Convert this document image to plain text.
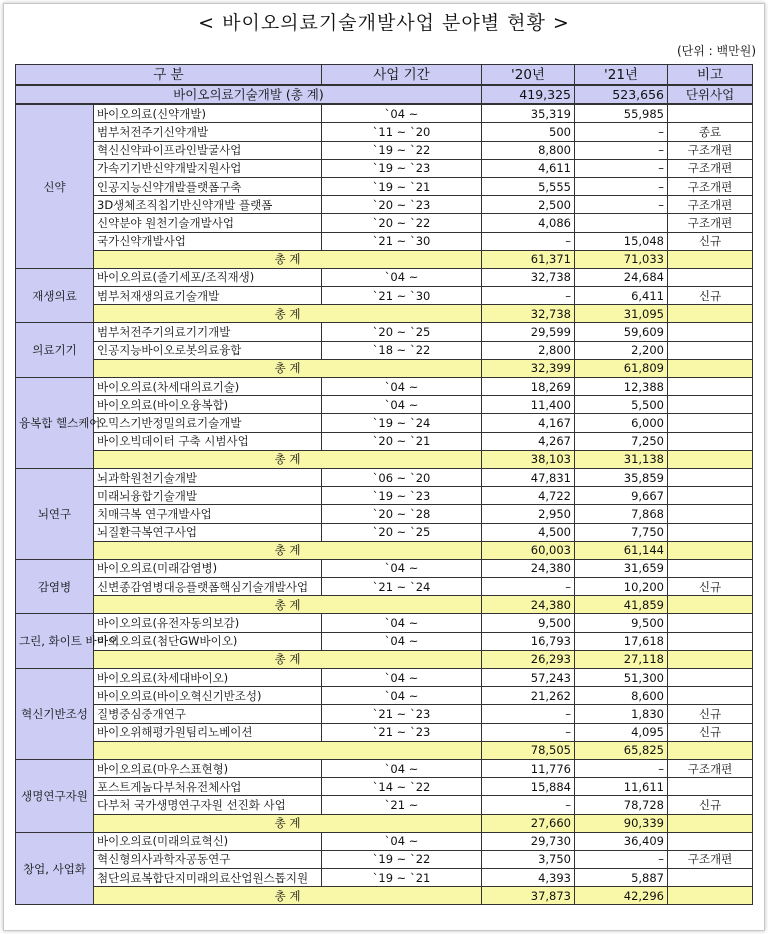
< 바이오의료기술개발사업 분야별 현황 >
(단위 : 백만원)
구 분		사업 기간	'20년	'21년	비고
바이오의료기술개발 (총 계)			419,325	523,656	단위사업
신약	바이오의료(신약개발)	`04 ~	35,319	55,985	
	범부처전주기신약개발	`11 ~ `20	500	–	종료
	혁신신약파이프라인발굴사업	`19 ~ `22	8,800	–	구조개편
	가속기기반신약개발지원사업	`19 ~ `23	4,611	–	구조개편
	인공지능신약개발플랫폼구축	`19 ~ `21	5,555	–	구조개편
	3D생체조직칩기반신약개발 플랫폼	`20 ~ `23	2,500	–	구조개편
	신약분야 원천기술개발사업	`20 ~ `22	4,086		구조개편
	국가신약개발사업	`21 ~ `30	–	15,048	신규
	총 계		61,371	71,033	
재생의료	바이오의료(줄기세포/조직재생)	`04 ~	32,738	24,684	
	범부처재생의료기술개발	`21 ~ `30	–	6,411	신규
	총 계		32,738	31,095	
의료기기	범부처전주기의료기기개발	`20 ~ `25	29,599	59,609	
	인공지능바이오로봇의료융합	`18 ~ `22	2,800	2,200	
	총 계		32,399	61,809	
융복합 헬스케어	바이오의료(차세대의료기술)	`04 ~	18,269	12,388	
	바이오의료(바이오융복합)	`04 ~	11,400	5,500	
	오믹스기반정밀의료기술개발	`19 ~ `24	4,167	6,000	
	바이오빅데이터 구축 시범사업	`20 ~ `21	4,267	7,250	
	총 계		38,103	31,138	
뇌연구	뇌과학원천기술개발	`06 ~ `20	47,831	35,859	
	미래뇌융합기술개발	`19 ~ `23	4,722	9,667	
	치매극복 연구개발사업	`20 ~ `28	2,950	7,868	
	뇌질환극복연구사업	`20 ~ `25	4,500	7,750	
	총 계		60,003	61,144	
감염병	바이오의료(미래감염병)	`04 ~	24,380	31,659	
	신변종감염병대응플랫폼핵심기술개발사업	`21 ~ `24	–	10,200	신규
	총 계		24,380	41,859	
그린, 화이트 바이오	바이오의료(유전자동의보감)	`04 ~	9,500	9,500	
	바이오의료(첨단GW바이오)	`04 ~	16,793	17,618	
	총 계		26,293	27,118	
혁신기반조성	바이오의료(차세대바이오)	`04 ~	57,243	51,300	
	바이오의료(바이오혁신기반조성)	`04 ~	21,262	8,600	
	질병중심중개연구	`21 ~ `23	–	1,830	신규
	바이오위해평가원팀리노베이션	`21 ~ `23	–	4,095	신규
			78,505	65,825	
생명연구자원	바이오의료(마우스표현형)	`04 ~	11,776	–	구조개편
	포스트게놈다부처유전체사업	`14 ~ `22	15,884	11,611	
	다부처 국가생명연구자원 선진화 사업	`21 ~	–	78,728	신규
	총 계		27,660	90,339	
창업, 사업화	바이오의료(미래의료혁신)	`04 ~	29,730	36,409	
	혁신형의사과학자공동연구	`19 ~ `22	3,750	–	구조개편
	첨단의료복합단지미래의료산업원스톱지원	`19 ~ `21	4,393	5,887	
	총 계		37,873	42,296	
